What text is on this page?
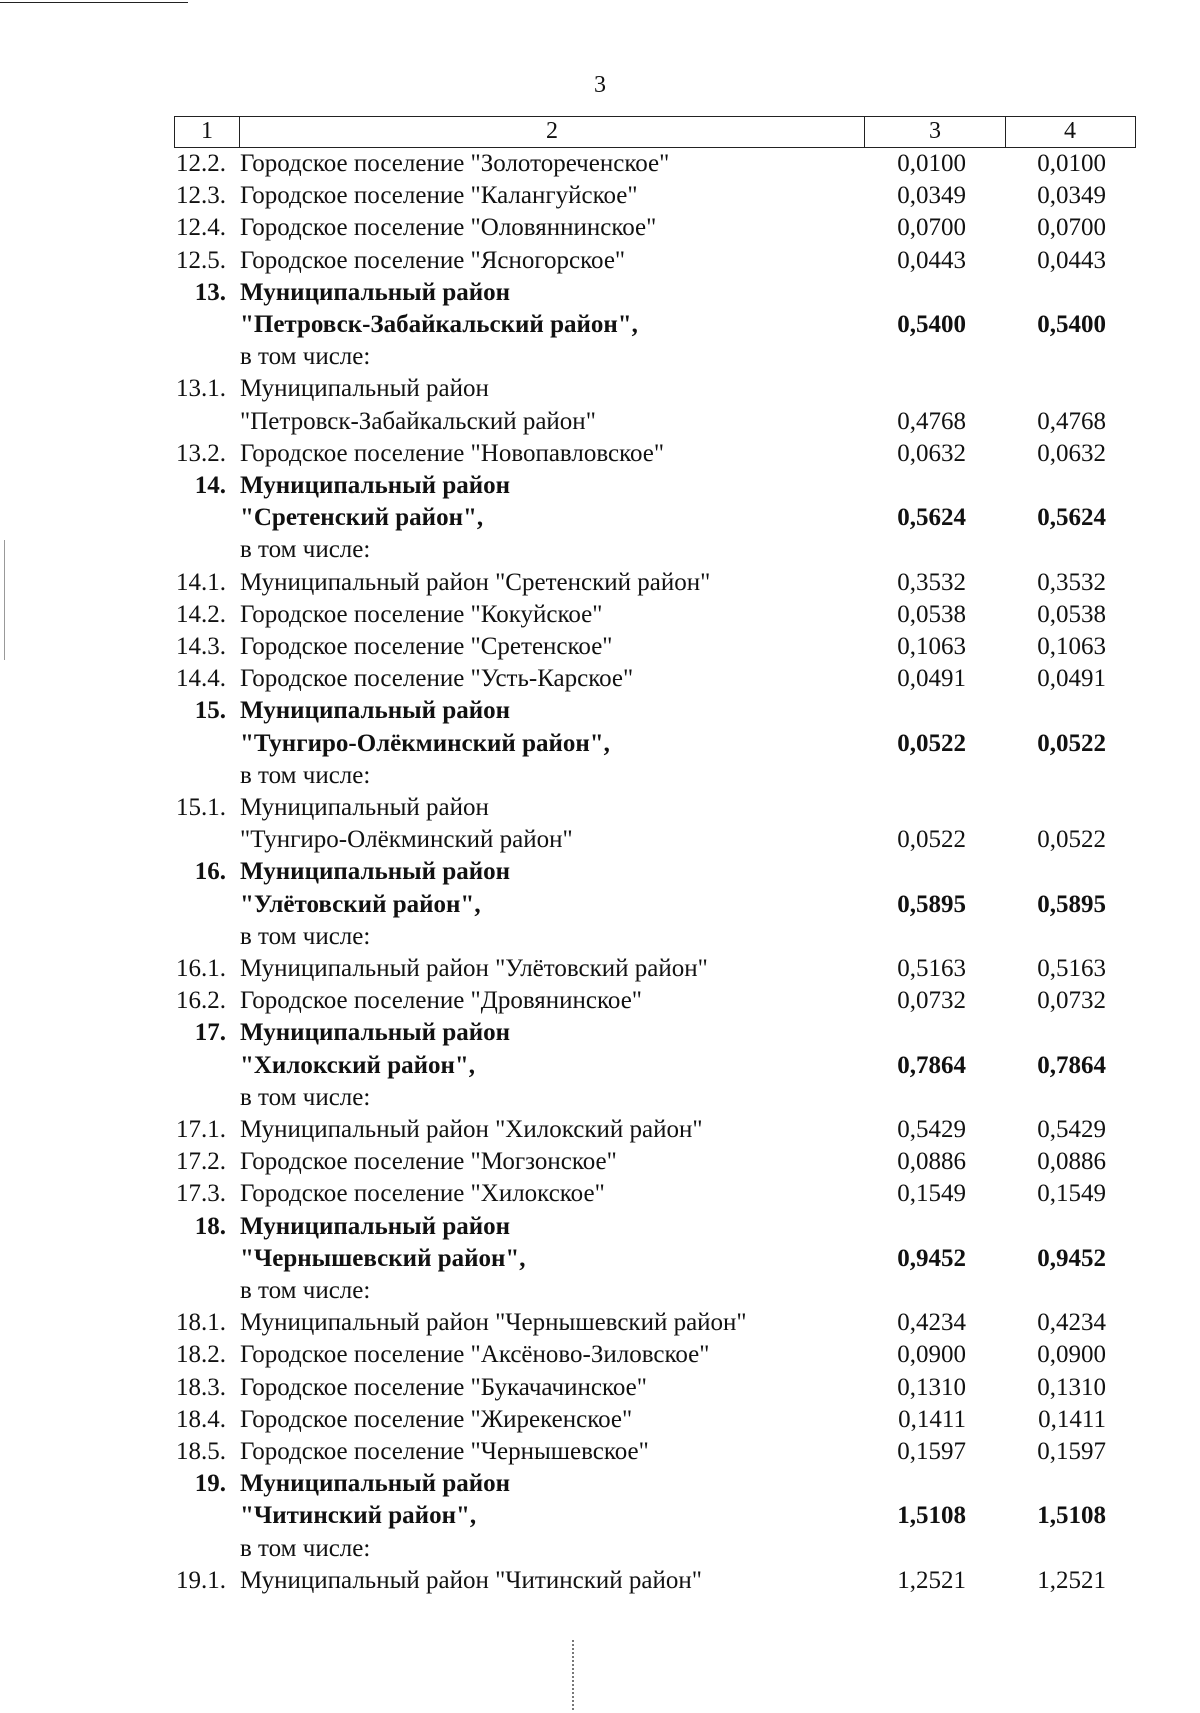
3
1	2	3	4
12.2. Городское поселение "Золотореченское"	0,0100	0,0100
12.3. Городское поселение "Калангуйское"	0,0349	0,0349
12.4. Городское поселение "Оловяннинское"	0,0700	0,0700
12.5. Городское поселение "Ясногорское"	0,0443	0,0443
13. Муниципальный район
"Петровск-Забайкальский район",	0,5400	0,5400
в том числе:
13.1. Муниципальный район
"Петровск-Забайкальский район"	0,4768	0,4768
13.2. Городское поселение "Новопавловское"	0,0632	0,0632
14. Муниципальный район
"Сретенский район",	0,5624	0,5624
в том числе:
14.1. Муниципальный район "Сретенский район"	0,3532	0,3532
14.2. Городское поселение "Кокуйское"	0,0538	0,0538
14.3. Городское поселение "Сретенское"	0,1063	0,1063
14.4. Городское поселение "Усть-Карское"	0,0491	0,0491
15. Муниципальный район
"Тунгиро-Олёкминский район",	0,0522	0,0522
в том числе:
15.1. Муниципальный район
"Тунгиро-Олёкминский район"	0,0522	0,0522
16. Муниципальный район
"Улётовский район",	0,5895	0,5895
в том числе:
16.1. Муниципальный район "Улётовский район"	0,5163	0,5163
16.2. Городское поселение "Дровянинское"	0,0732	0,0732
17. Муниципальный район
"Хилокский район",	0,7864	0,7864
в том числе:
17.1. Муниципальный район "Хилокский район"	0,5429	0,5429
17.2. Городское поселение "Могзонское"	0,0886	0,0886
17.3. Городское поселение "Хилокское"	0,1549	0,1549
18. Муниципальный район
"Чернышевский район",	0,9452	0,9452
в том числе:
18.1. Муниципальный район "Чернышевский район"	0,4234	0,4234
18.2. Городское поселение "Аксёново-Зиловское"	0,0900	0,0900
18.3. Городское поселение "Букачачинское"	0,1310	0,1310
18.4. Городское поселение "Жирекенское"	0,1411	0,1411
18.5. Городское поселение "Чернышевское"	0,1597	0,1597
19. Муниципальный район
"Читинский район",	1,5108	1,5108
в том числе:
19.1. Муниципальный район "Читинский район"	1,2521	1,2521
